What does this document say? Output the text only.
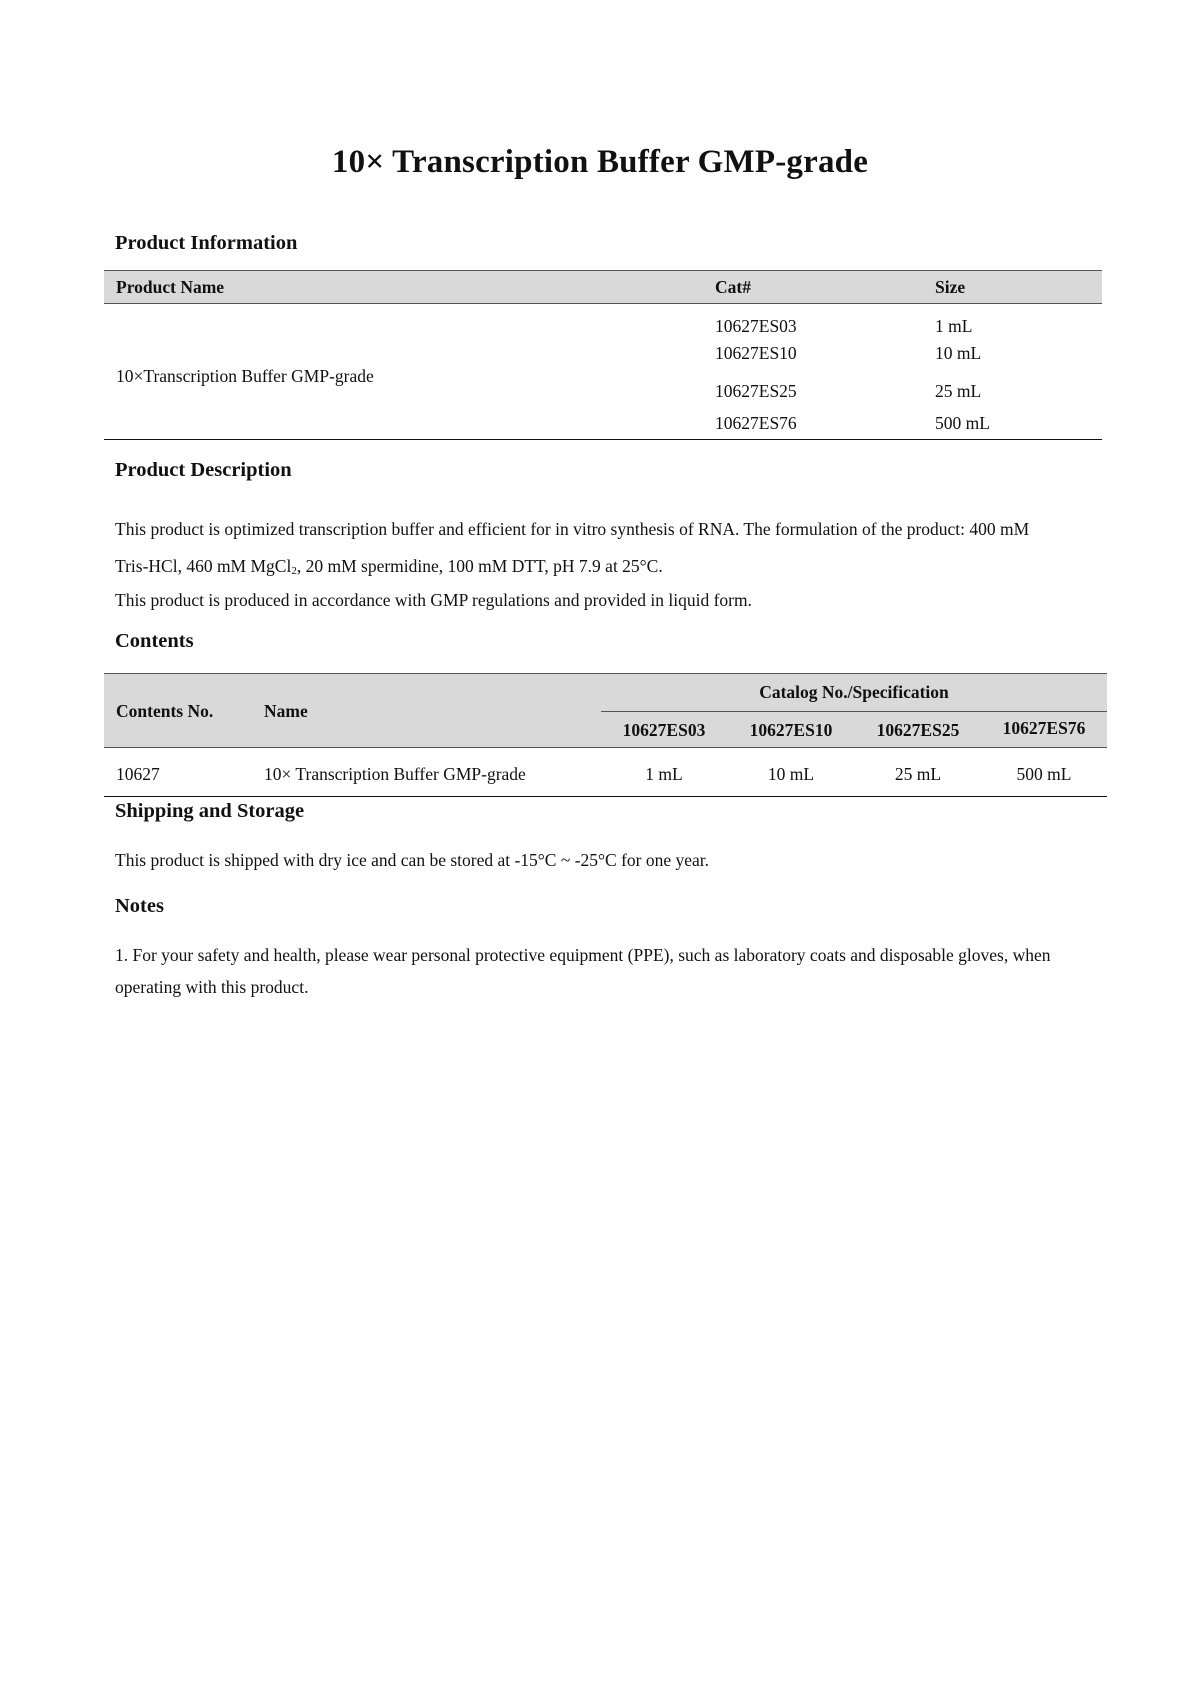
10× Transcription Buffer GMP-grade
Product Information
Product Name	Cat#	Size
10×Transcription Buffer GMP-grade
10627ES03	1 mL
10627ES10	10 mL
10627ES25	25 mL
10627ES76	500 mL
Product Description
This product is optimized transcription buffer and efficient for in vitro synthesis of RNA. The formulation of the product: 400 mM
Tris-HCl, 460 mM MgCl$_2$, 20 mM spermidine, 100 mM DTT, pH 7.9 at 25°C.
This product is produced in accordance with GMP regulations and provided in liquid form.
Contents
Contents No.	Name
Catalog No./Specification
10627ES03	10627ES10	10627ES25	10627ES76
10627	10× Transcription Buffer GMP-grade	1 mL	10 mL	25 mL	500 mL
Shipping and Storage
This product is shipped with dry ice and can be stored at -15°C ~ -25°C for one year.
Notes
1. For your safety and health, please wear personal protective equipment (PPE), such as laboratory coats and disposable gloves, when
operating with this product.
